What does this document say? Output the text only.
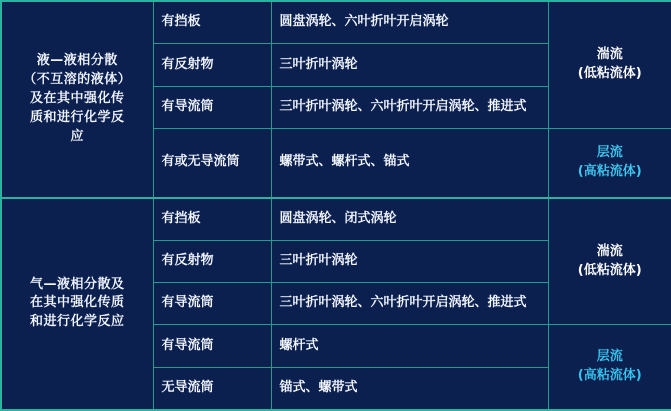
液—液相分散
（不互溶的液体）
及在其中强化传
质和进行化学反
应	有挡板	圆盘涡轮、六叶折叶开启涡轮	湍流
(低粘流体)

	有反射物	三叶折叶涡轮	
	有导流筒	三叶折叶涡轮、六叶折叶开启涡轮、推进式	
	有或无导流筒	螺带式、螺杆式、锚式	层流
(高粘流体)

气—液相分散及
在其中强化传质
和进行化学反应	有挡板	圆盘涡轮、闭式涡轮	湍流
(低粘流体)

	有反射物	三叶折叶涡轮	
	有导流筒	三叶折叶涡轮、六叶折叶开启涡轮、推进式	
	有导流筒	螺杆式	层流
(高粘流体)

	无导流筒	锚式、螺带式	
